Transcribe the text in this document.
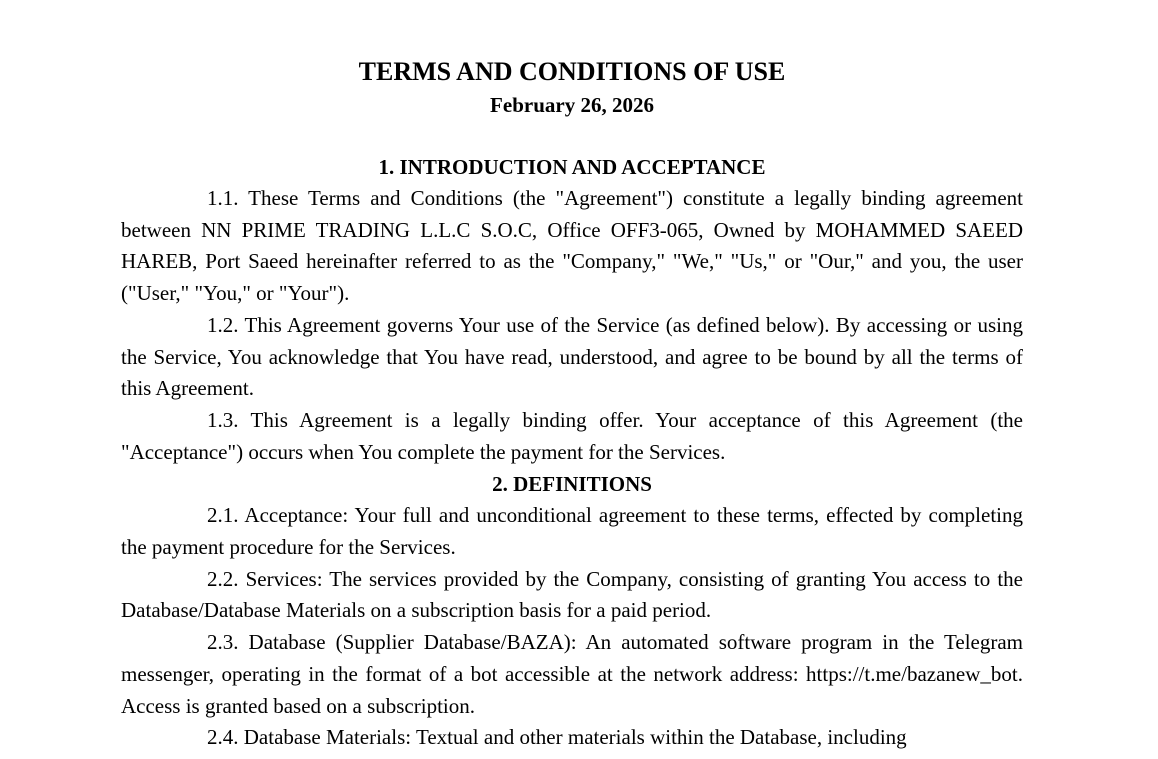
TERMS AND CONDITIONS OF USE
February 26, 2026
1. INTRODUCTION AND ACCEPTANCE

1.1. These Terms and Conditions (the "Agreement") constitute a legally binding agreement between NN PRIME TRADING L.L.C S.O.C, Office OFF3-065, Owned by MOHAMMED SAEED HAREB, Port Saeed hereinafter referred to as the "Company," "We," "Us," or "Our," and you, the user ("User," "You," or "Your").

1.2. This Agreement governs Your use of the Service (as defined below). By accessing or using the Service, You acknowledge that You have read, understood, and agree to be bound by all the terms of this Agreement.

1.3. This Agreement is a legally binding offer. Your acceptance of this Agreement (the "Acceptance") occurs when You complete the payment for the Services.

2. DEFINITIONS

2.1. Acceptance: Your full and unconditional agreement to these terms, effected by completing the payment procedure for the Services.

2.2. Services: The services provided by the Company, consisting of granting You access to the Database/Database Materials on a subscription basis for a paid period.

2.3. Database (Supplier Database/BAZA): An automated software program in the Telegram messenger, operating in the format of a bot accessible at the network address: https://t.me/bazanew_bot. Access is granted based on a subscription.

2.4. Database Materials: Textual and other materials within the Database, including
